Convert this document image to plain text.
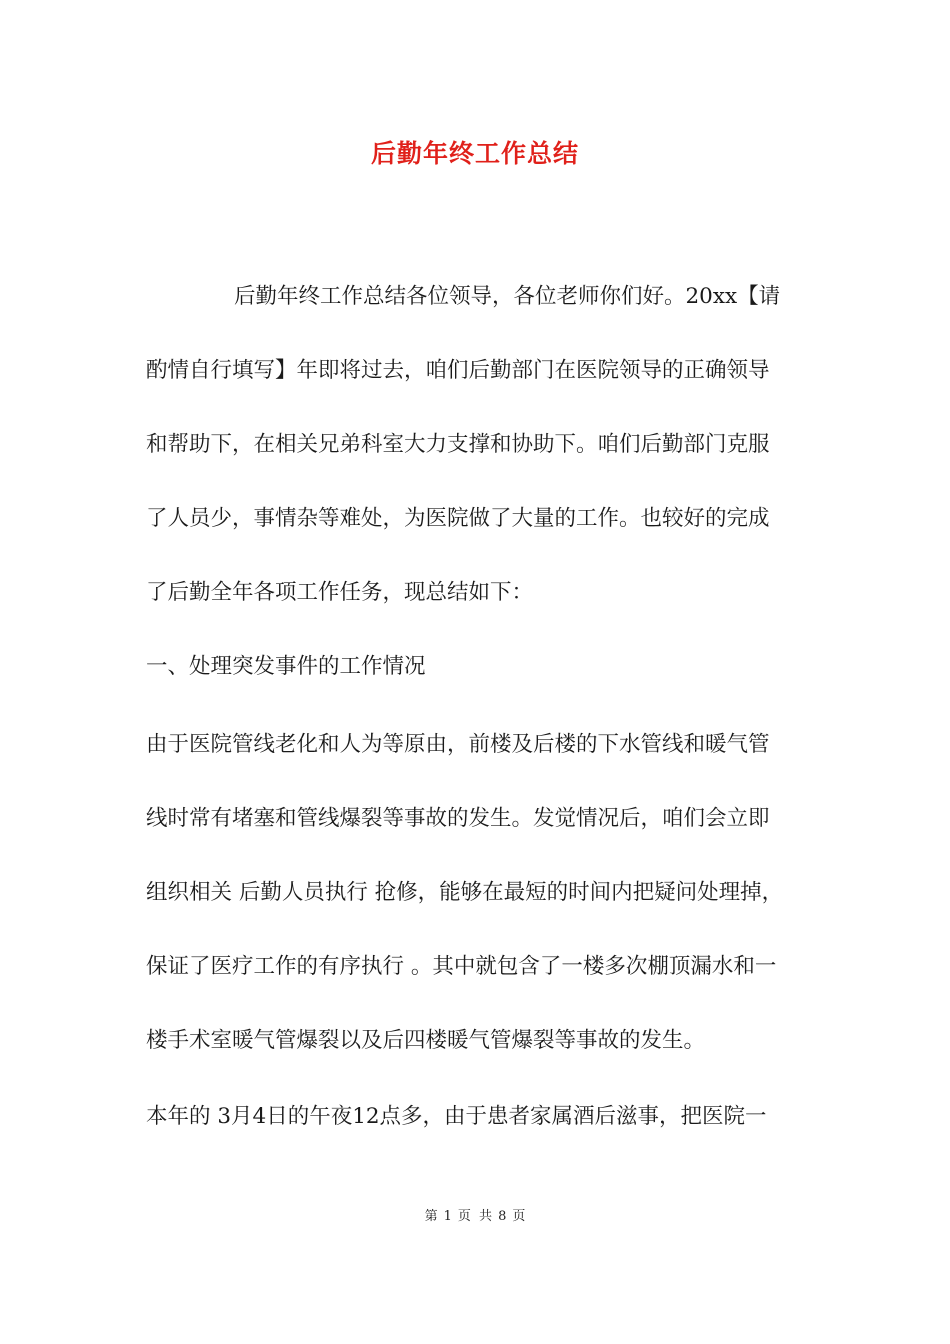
后勤年终工作总结
后勤年终工作总结各位领导，各位老师你们好。20xx【请
酌情自行填写】年即将过去，咱们后勤部门在医院领导的正确领导
和帮助下，在相关兄弟科室大力支撑和协助下。咱们后勤部门克服
了人员少，事情杂等难处，为医院做了大量的工作。也较好的完成
了后勤全年各项工作任务，现总结如下：
一、处理突发事件的工作情况
由于医院管线老化和人为等原由，前楼及后楼的下水管线和暖气管
线时常有堵塞和管线爆裂等事故的发生。发觉情况后，咱们会立即
组织相关 后勤人员执行 抢修，能够在最短的时间内把疑问处理掉，
保证了医疗工作的有序执行 。其中就包含了一楼多次棚顶漏水和一
楼手术室暖气管爆裂以及后四楼暖气管爆裂等事故的发生。
本年的 3月4日的午夜12点多，由于患者家属酒后滋事，把医院一
第 1 页 共 8 页
